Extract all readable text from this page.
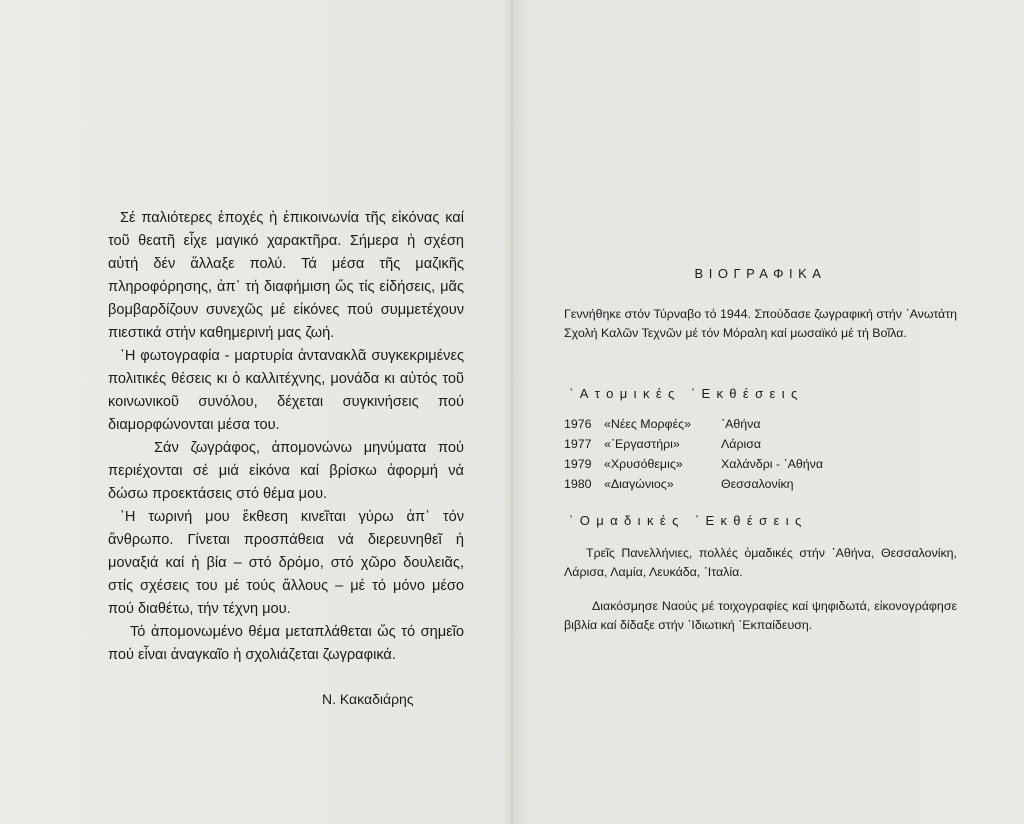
Σέ παλιότερες ἐποχές ἡ ἐπικοινωνία τῆς εἰκόνας καί τοῦ θεατῆ εἶχε μαγικό χαρακτῆρα. Σήμερα ἡ σχέση αὐτή δέν ἄλλαξε πολύ. Τά μέσα τῆς μαζικῆς πληροφόρησης, ἀπ᾿ τή διαφήμιση ὥς τίς εἰδήσεις, μᾶς βομβαρδίζουν συνεχῶς μέ εἰκόνες πού συμμετέχουν πιεστικά στήν καθημερινή μας ζωή.

῾Η φωτογραφία - μαρτυρία ἀντανακλᾶ συγκεκριμένες πολιτικές θέσεις κι ὁ καλλιτέχνης, μονάδα κι αὐτός τοῦ κοινωνικοῦ συνόλου, δέχεται συγκινήσεις πού διαμορφώνονται μέσα του.

Σάν ζωγράφος, ἀπομονώνω μηνύματα πού περιέχονται σέ μιά εἰκόνα καί βρίσκω ἀφορμή νά δώσω προεκτάσεις στό θέμα μου.

῾Η τωρινή μου ἔκθεση κινεῖται γύρω ἀπ᾿ τόν ἄνθρωπο. Γίνεται προσπάθεια νά διερευνηθεῖ ἡ μοναξιά καί ἡ βία – στό δρόμο, στό χῶρο δουλειᾶς, στίς σχέσεις του μέ τούς ἄλλους – μέ τό μόνο μέσο πού διαθέτω, τήν τέχνη μου.

Τό ἀπομονωμένο θέμα μεταπλάθεται ὥς τό σημεῖο πού εἶναι ἀναγκαῖο ἡ σχολιάζεται ζωγραφικά.

Ν. Κακαδιάρης
ΒΙΟΓΡΑΦΙΚΑ

Γεννήθηκε στόν Τύρναβο τό 1944. Σπούδασε ζωγραφική στήν ᾿Ανωτάτη Σχολή Καλῶν Τεχνῶν μέ τόν Μόραλη καί μωσαϊκό μέ τή Βοῖλα.

᾿Ατομικές ᾿Εκθέσεις
1976	«Νέες Μορφές»	᾿Αθήνα
1977	«᾿Εργαστήρι»	Λάρισα
1979	«Χρυσόθεμις»	Χαλάνδρι - ᾿Αθήνα
1980	«Διαγώνιος»	Θεσσαλονίκη
῾Ομαδικές ᾿Εκθέσεις

Τρεῖς Πανελλήνιες, πολλές ὁμαδικές στήν ᾿Αθήνα, Θεσσαλονίκη, Λάρισα, Λαμία, Λευκάδα, ᾿Ιταλία.

Διακόσμησε Ναούς μέ τοιχογραφίες καί ψηφιδωτά, εἰκονογράφησε βιβλία καί δίδαξε στήν ᾿Ιδιωτική ᾿Εκπαίδευση.
